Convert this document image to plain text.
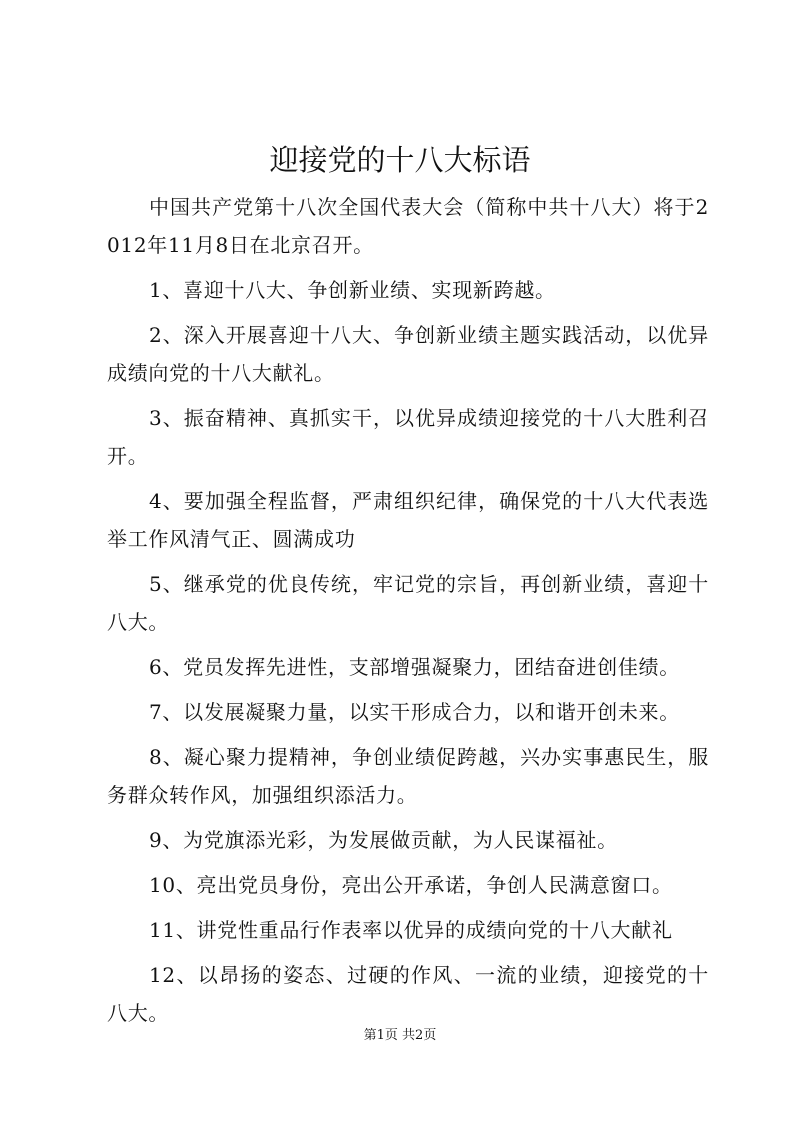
迎接党的十八大标语

中国共产党第十八次全国代表大会（简称中共十八大）将于2012年11月8日在北京召开。

1、喜迎十八大、争创新业绩、实现新跨越。

2、深入开展喜迎十八大、争创新业绩主题实践活动，以优异成绩向党的十八大献礼。

3、振奋精神、真抓实干，以优异成绩迎接党的十八大胜利召开。

4、要加强全程监督，严肃组织纪律，确保党的十八大代表选举工作风清气正、圆满成功

5、继承党的优良传统，牢记党的宗旨，再创新业绩，喜迎十八大。

6、党员发挥先进性，支部增强凝聚力，团结奋进创佳绩。

7、以发展凝聚力量，以实干形成合力，以和谐开创未来。

8、凝心聚力提精神，争创业绩促跨越，兴办实事惠民生，服务群众转作风，加强组织添活力。

9、为党旗添光彩，为发展做贡献，为人民谋福祉。

10、亮出党员身份，亮出公开承诺，争创人民满意窗口。

11、讲党性重品行作表率以优异的成绩向党的十八大献礼

12、以昂扬的姿态、过硬的作风、一流的业绩，迎接党的十八大。

第1页 共2页
